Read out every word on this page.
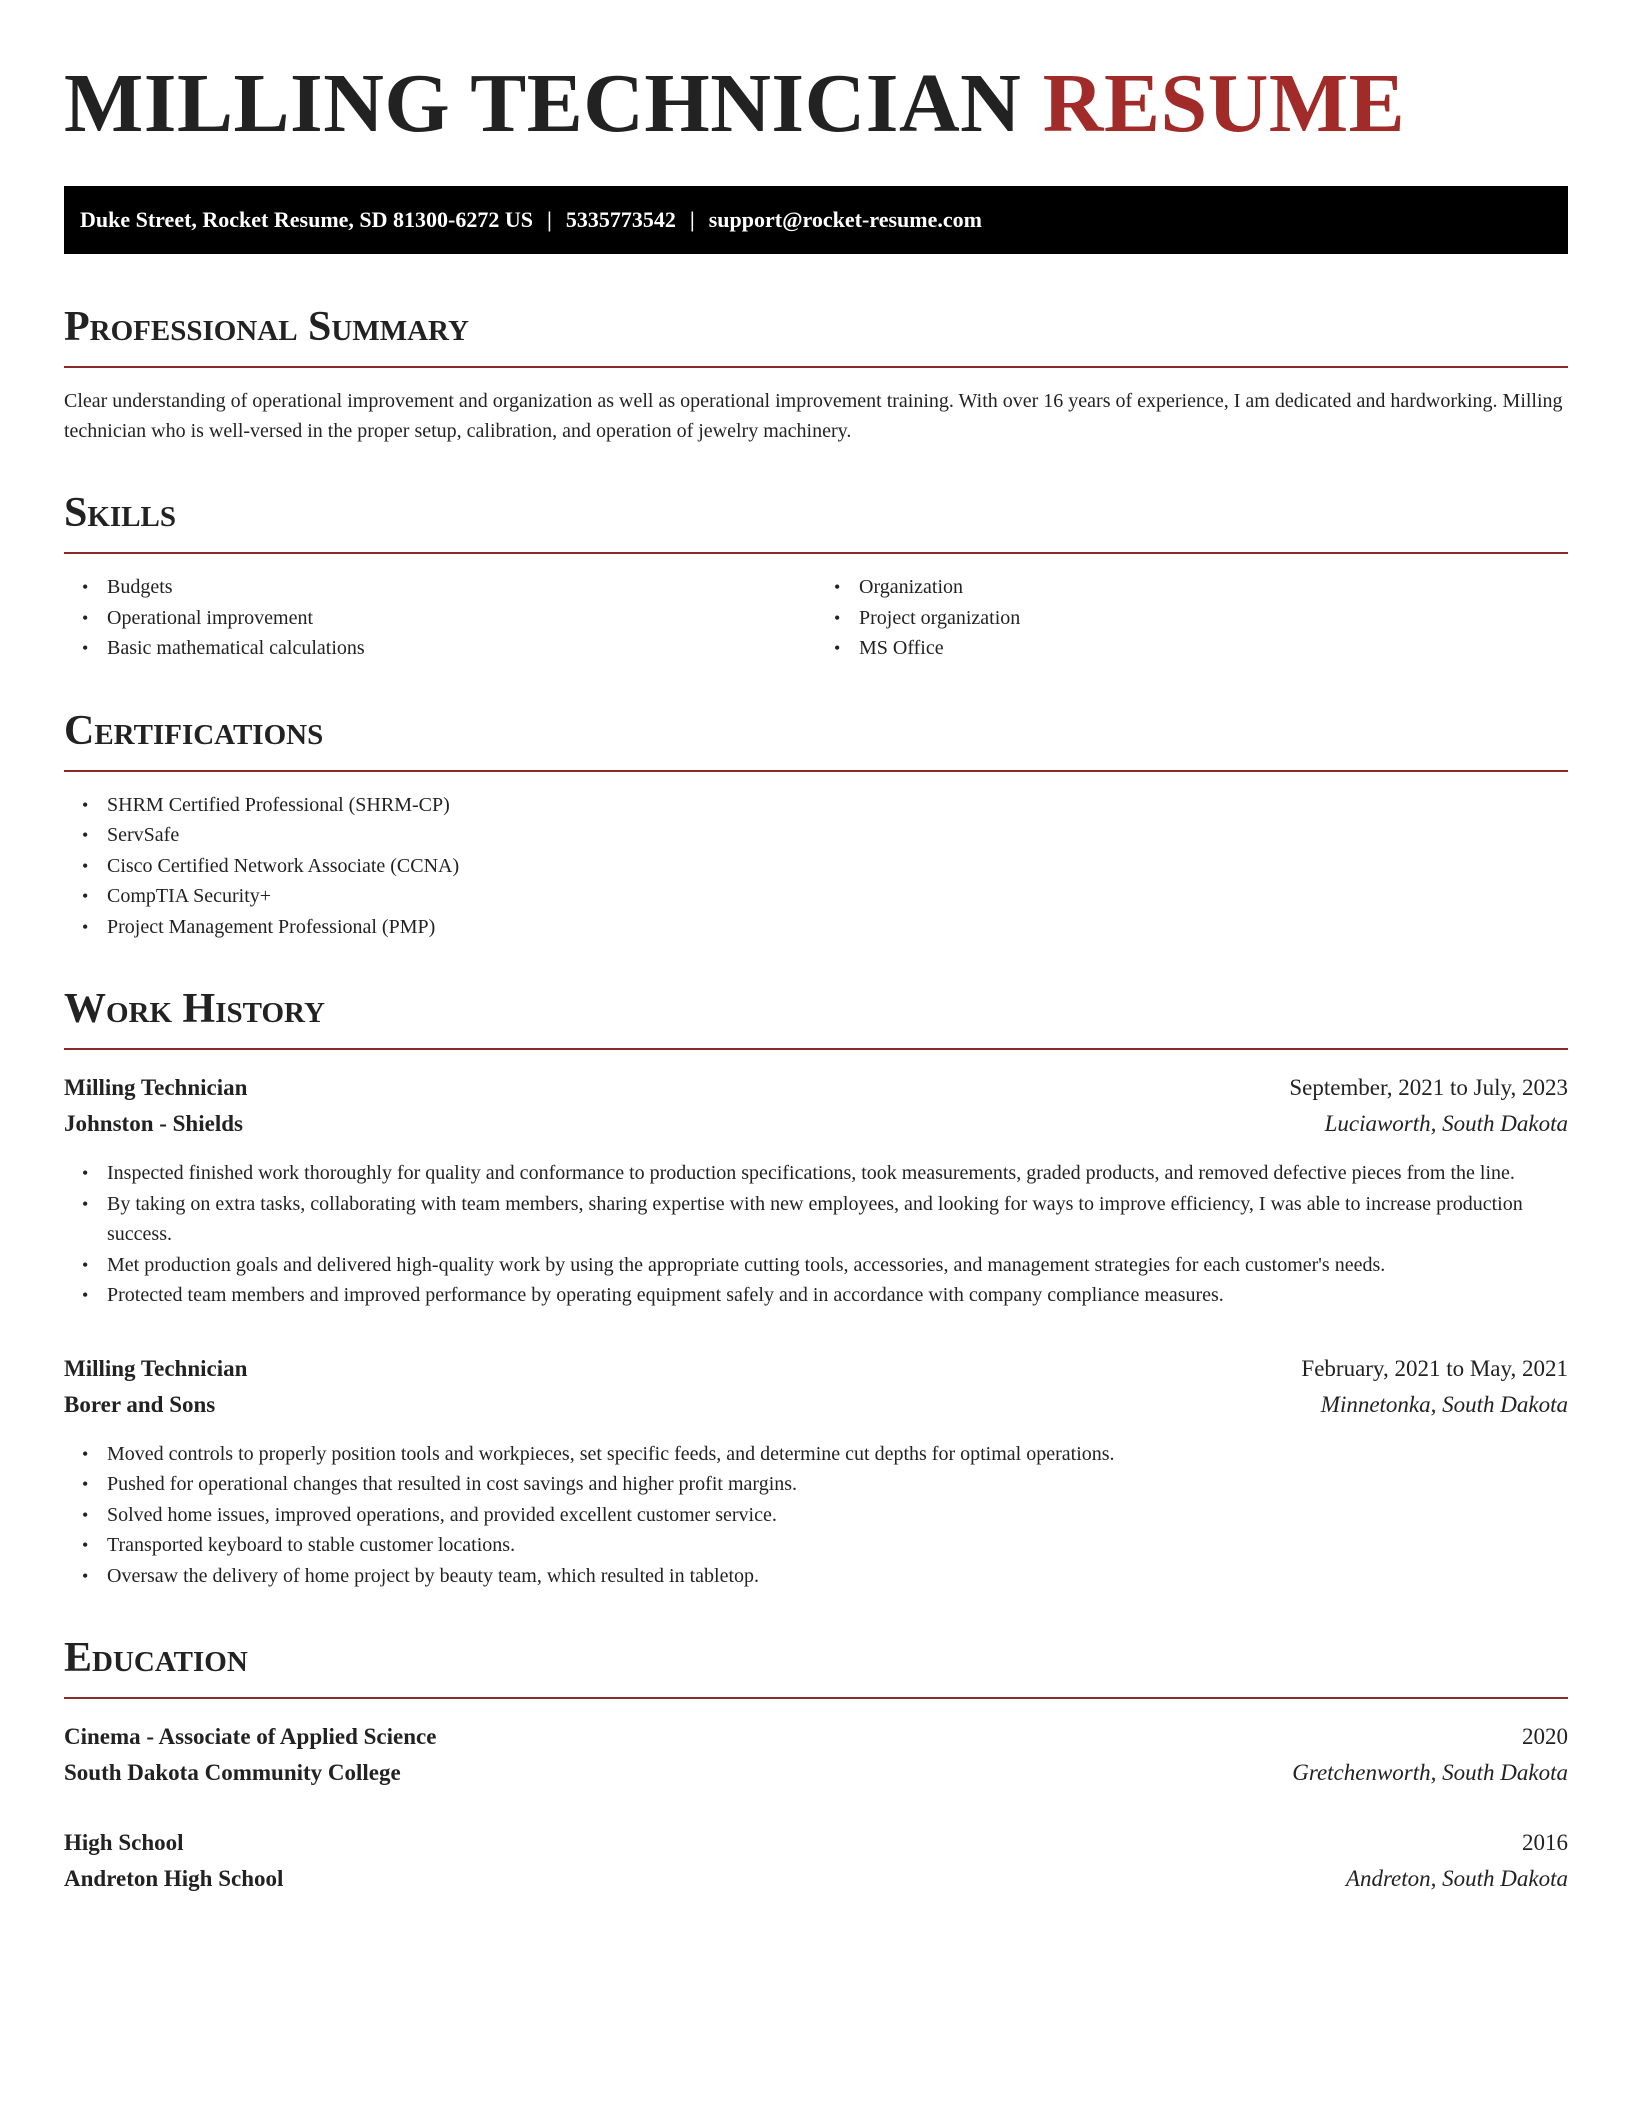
MILLING TECHNICIAN RESUME
Duke Street, Rocket Resume, SD 81300-6272 US | 5335773542 | support@rocket-resume.com
Professional Summary

Clear understanding of operational improvement and organization as well as operational improvement training. With over 16 years of experience, I am dedicated and hardworking. Milling technician who is well-versed in the proper setup, calibration, and operation of jewelry machinery.

Skills
• Budgets
• Operational improvement
• Basic mathematical calculations
• Organization
• Project organization
• MS Office
Certifications
• SHRM Certified Professional (SHRM-CP)
• ServSafe
• Cisco Certified Network Associate (CCNA)
• CompTIA Security+
• Project Management Professional (PMP)
Work History
Milling Technician	September, 2021 to July, 2023
Johnston - Shields	Luciaworth, South Dakota
• Inspected finished work thoroughly for quality and conformance to production specifications, took measurements, graded products, and removed defective pieces from the line.
• By taking on extra tasks, collaborating with team members, sharing expertise with new employees, and looking for ways to improve efficiency, I was able to increase production success.
• Met production goals and delivered high-quality work by using the appropriate cutting tools, accessories, and management strategies for each customer's needs.
• Protected team members and improved performance by operating equipment safely and in accordance with company compliance measures.
Milling Technician	February, 2021 to May, 2021
Borer and Sons	Minnetonka, South Dakota
• Moved controls to properly position tools and workpieces, set specific feeds, and determine cut depths for optimal operations.
• Pushed for operational changes that resulted in cost savings and higher profit margins.
• Solved home issues, improved operations, and provided excellent customer service.
• Transported keyboard to stable customer locations.
• Oversaw the delivery of home project by beauty team, which resulted in tabletop.
Education
Cinema - Associate of Applied Science	2020
South Dakota Community College	Gretchenworth, South Dakota
High School	2016
Andreton High School	Andreton, South Dakota
